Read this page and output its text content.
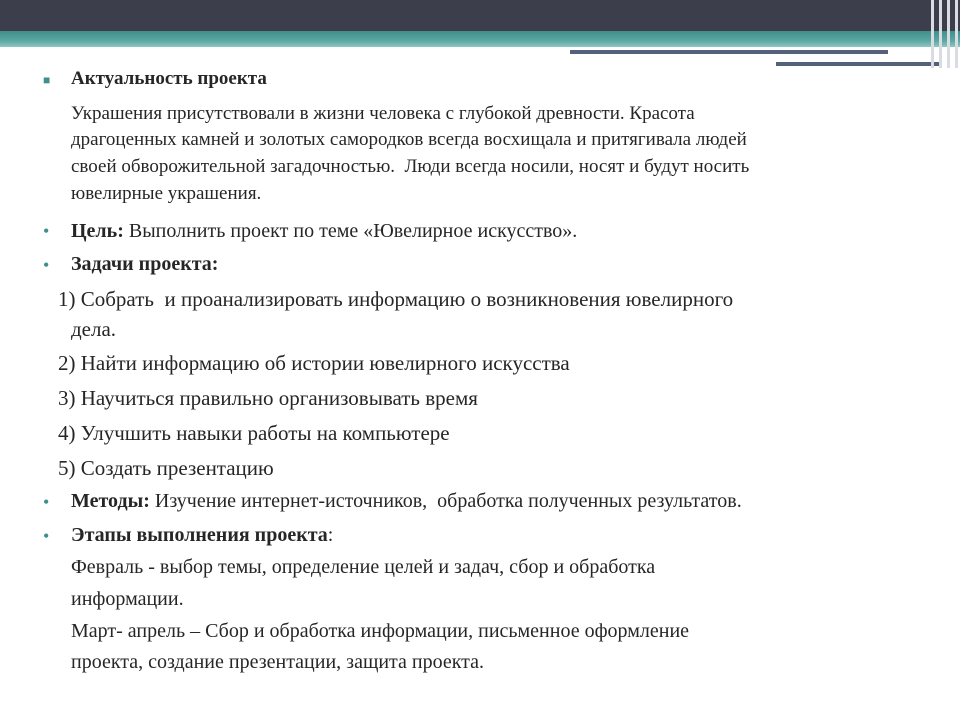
■ Актуальность проекта
Украшения присутствовали в жизни человека с глубокой древности. Красота
драгоценных камней и золотых самородков всегда восхищала и притягивала людей
своей обворожительной загадочностью.  Люди всегда носили, носят и будут носить
ювелирные украшения.
• Цель: Выполнить проект по теме «Ювелирное искусство».
• Задачи проекта:
1) Собрать  и проанализировать информацию о возникновения ювелирного
дела.
2) Найти информацию об истории ювелирного искусства
3) Научиться правильно организовывать время
4) Улучшить навыки работы на компьютере
5) Создать презентацию
• Методы: Изучение интернет-источников,  обработка полученных результатов.
• Этапы выполнения проекта:
Февраль - выбор темы, определение целей и задач, сбор и обработка
информации.
Март- апрель – Сбор и обработка информации, письменное оформление
проекта, создание презентации, защита проекта.
